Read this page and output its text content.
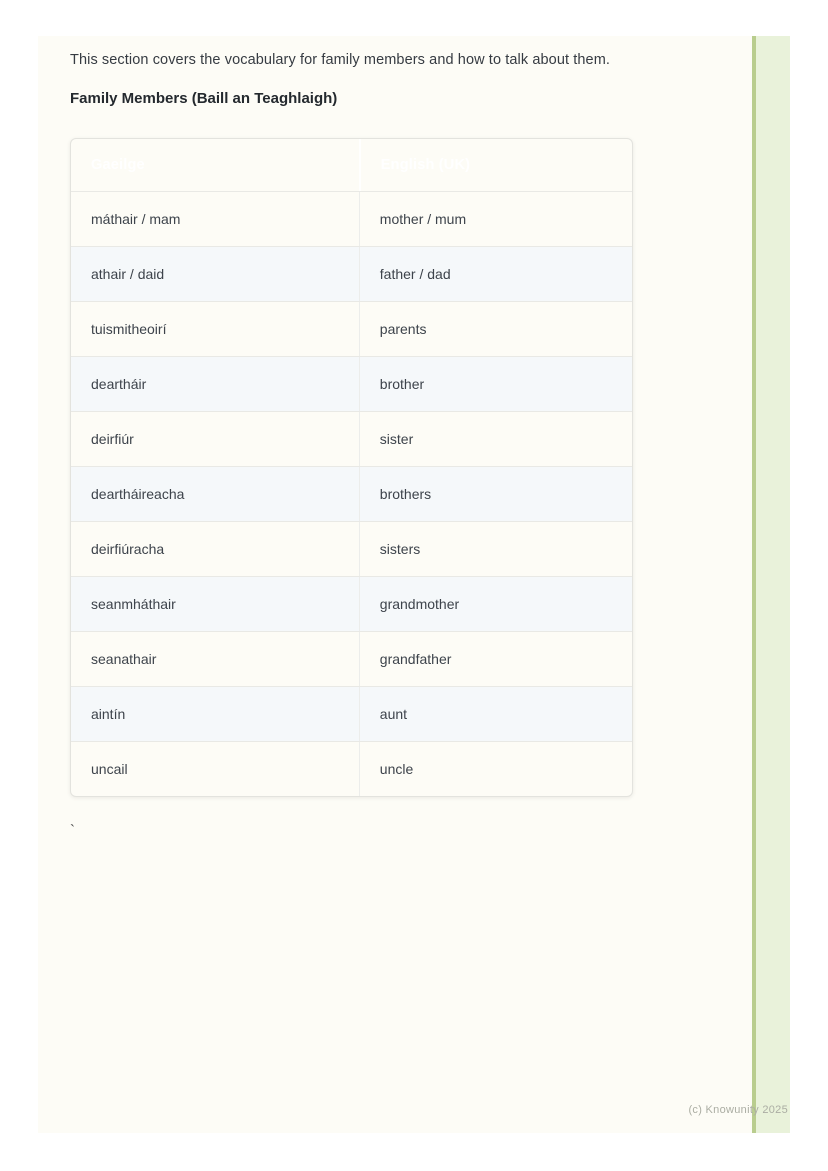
This section covers the vocabulary for family members and how to talk about them.

Family Members (Baill an Teaghlaigh)
Gaeilge	English (UK)
máthair / mam	mother / mum
athair / daid	father / dad
tuismitheoirí	parents
deartháir	brother
deirfiúr	sister
deartháireacha	brothers
deirfiúracha	sisters
seanmháthair	grandmother
seanathair	grandfather
aintín	aunt
uncail	uncle
`
(c) Knowunity 2025
